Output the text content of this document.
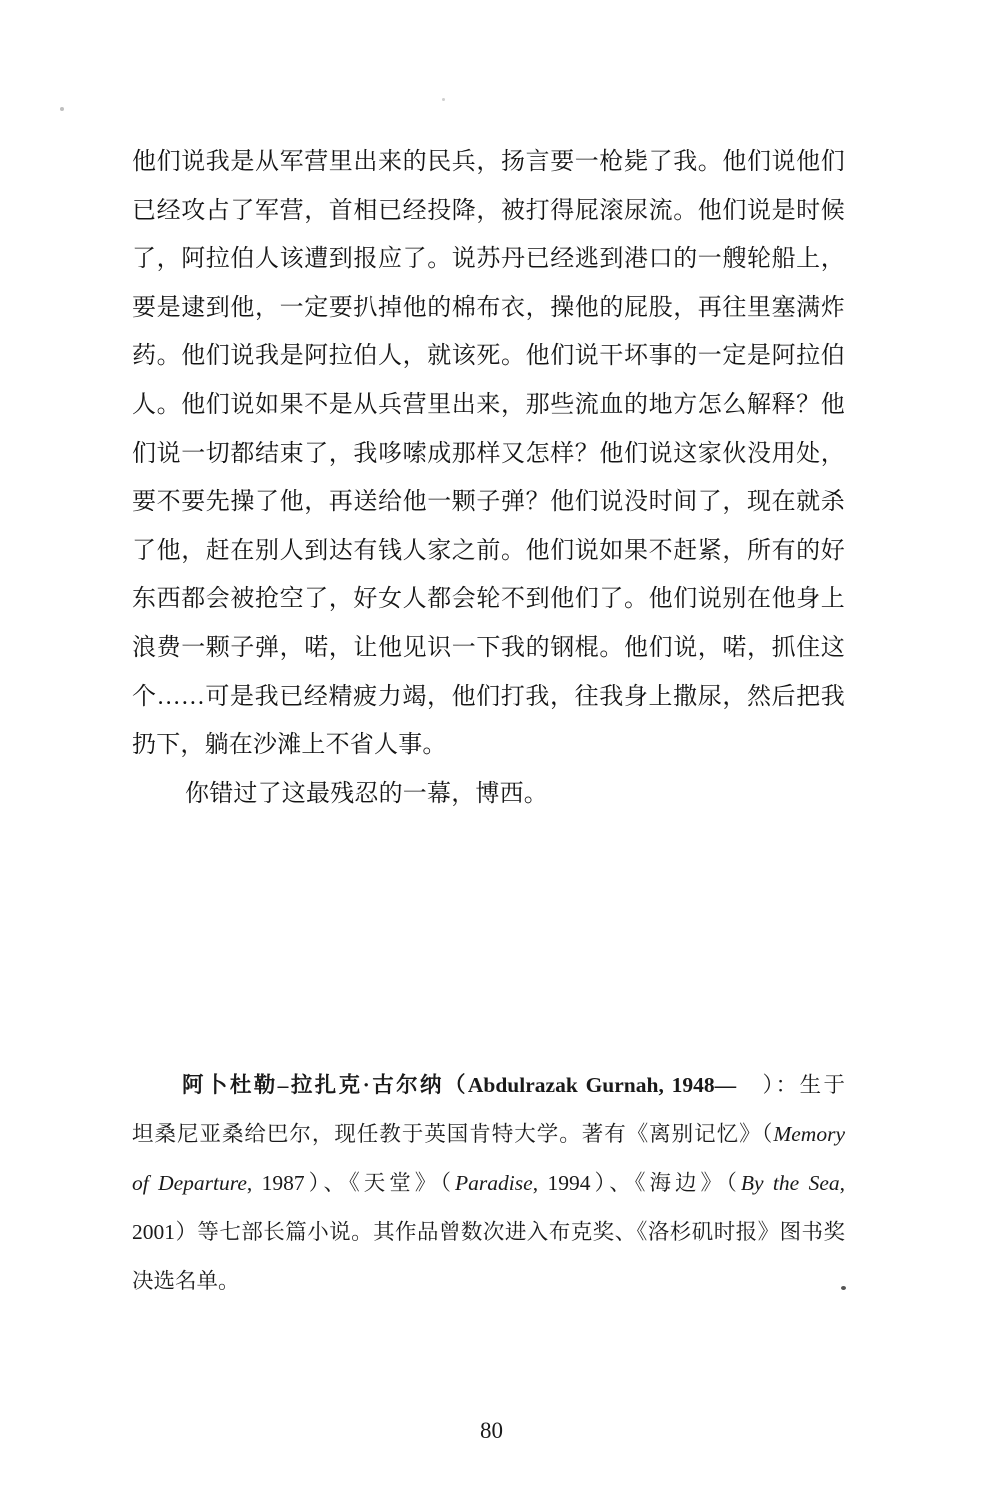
他们说我是从军营里出来的民兵，扬言要一枪毙了我。他们说他们
已经攻占了军营，首相已经投降，被打得屁滚尿流。他们说是时候
了，阿拉伯人该遭到报应了。说苏丹已经逃到港口的一艘轮船上，
要是逮到他，一定要扒掉他的棉布衣，操他的屁股，再往里塞满炸
药。他们说我是阿拉伯人，就该死。他们说干坏事的一定是阿拉伯
人。他们说如果不是从兵营里出来，那些流血的地方怎么解释？他
们说一切都结束了，我哆嗦成那样又怎样？他们说这家伙没用处，
要不要先操了他，再送给他一颗子弹？他们说没时间了，现在就杀
了他，赶在别人到达有钱人家之前。他们说如果不赶紧，所有的好
东西都会被抢空了，好女人都会轮不到他们了。他们说别在他身上
浪费一颗子弹，喏，让他见识一下我的钢棍。他们说，喏，抓住这
个……可是我已经精疲力竭，他们打我，往我身上撒尿，然后把我
扔下，躺在沙滩上不省人事。
你错过了这最残忍的一幕，博西。
阿卜杜勒–拉扎克·古尔纳（Abdulrazak Gurnah, 1948—　）：生于
坦桑尼亚桑给巴尔，现任教于英国肯特大学。著有《离别记忆》（Memory
of Departure, 1987）、《天堂》（Paradise, 1994）、《海边》（By the Sea,
2001）等七部长篇小说。其作品曾数次进入布克奖、《洛杉矶时报》图书奖
决选名单。
80
